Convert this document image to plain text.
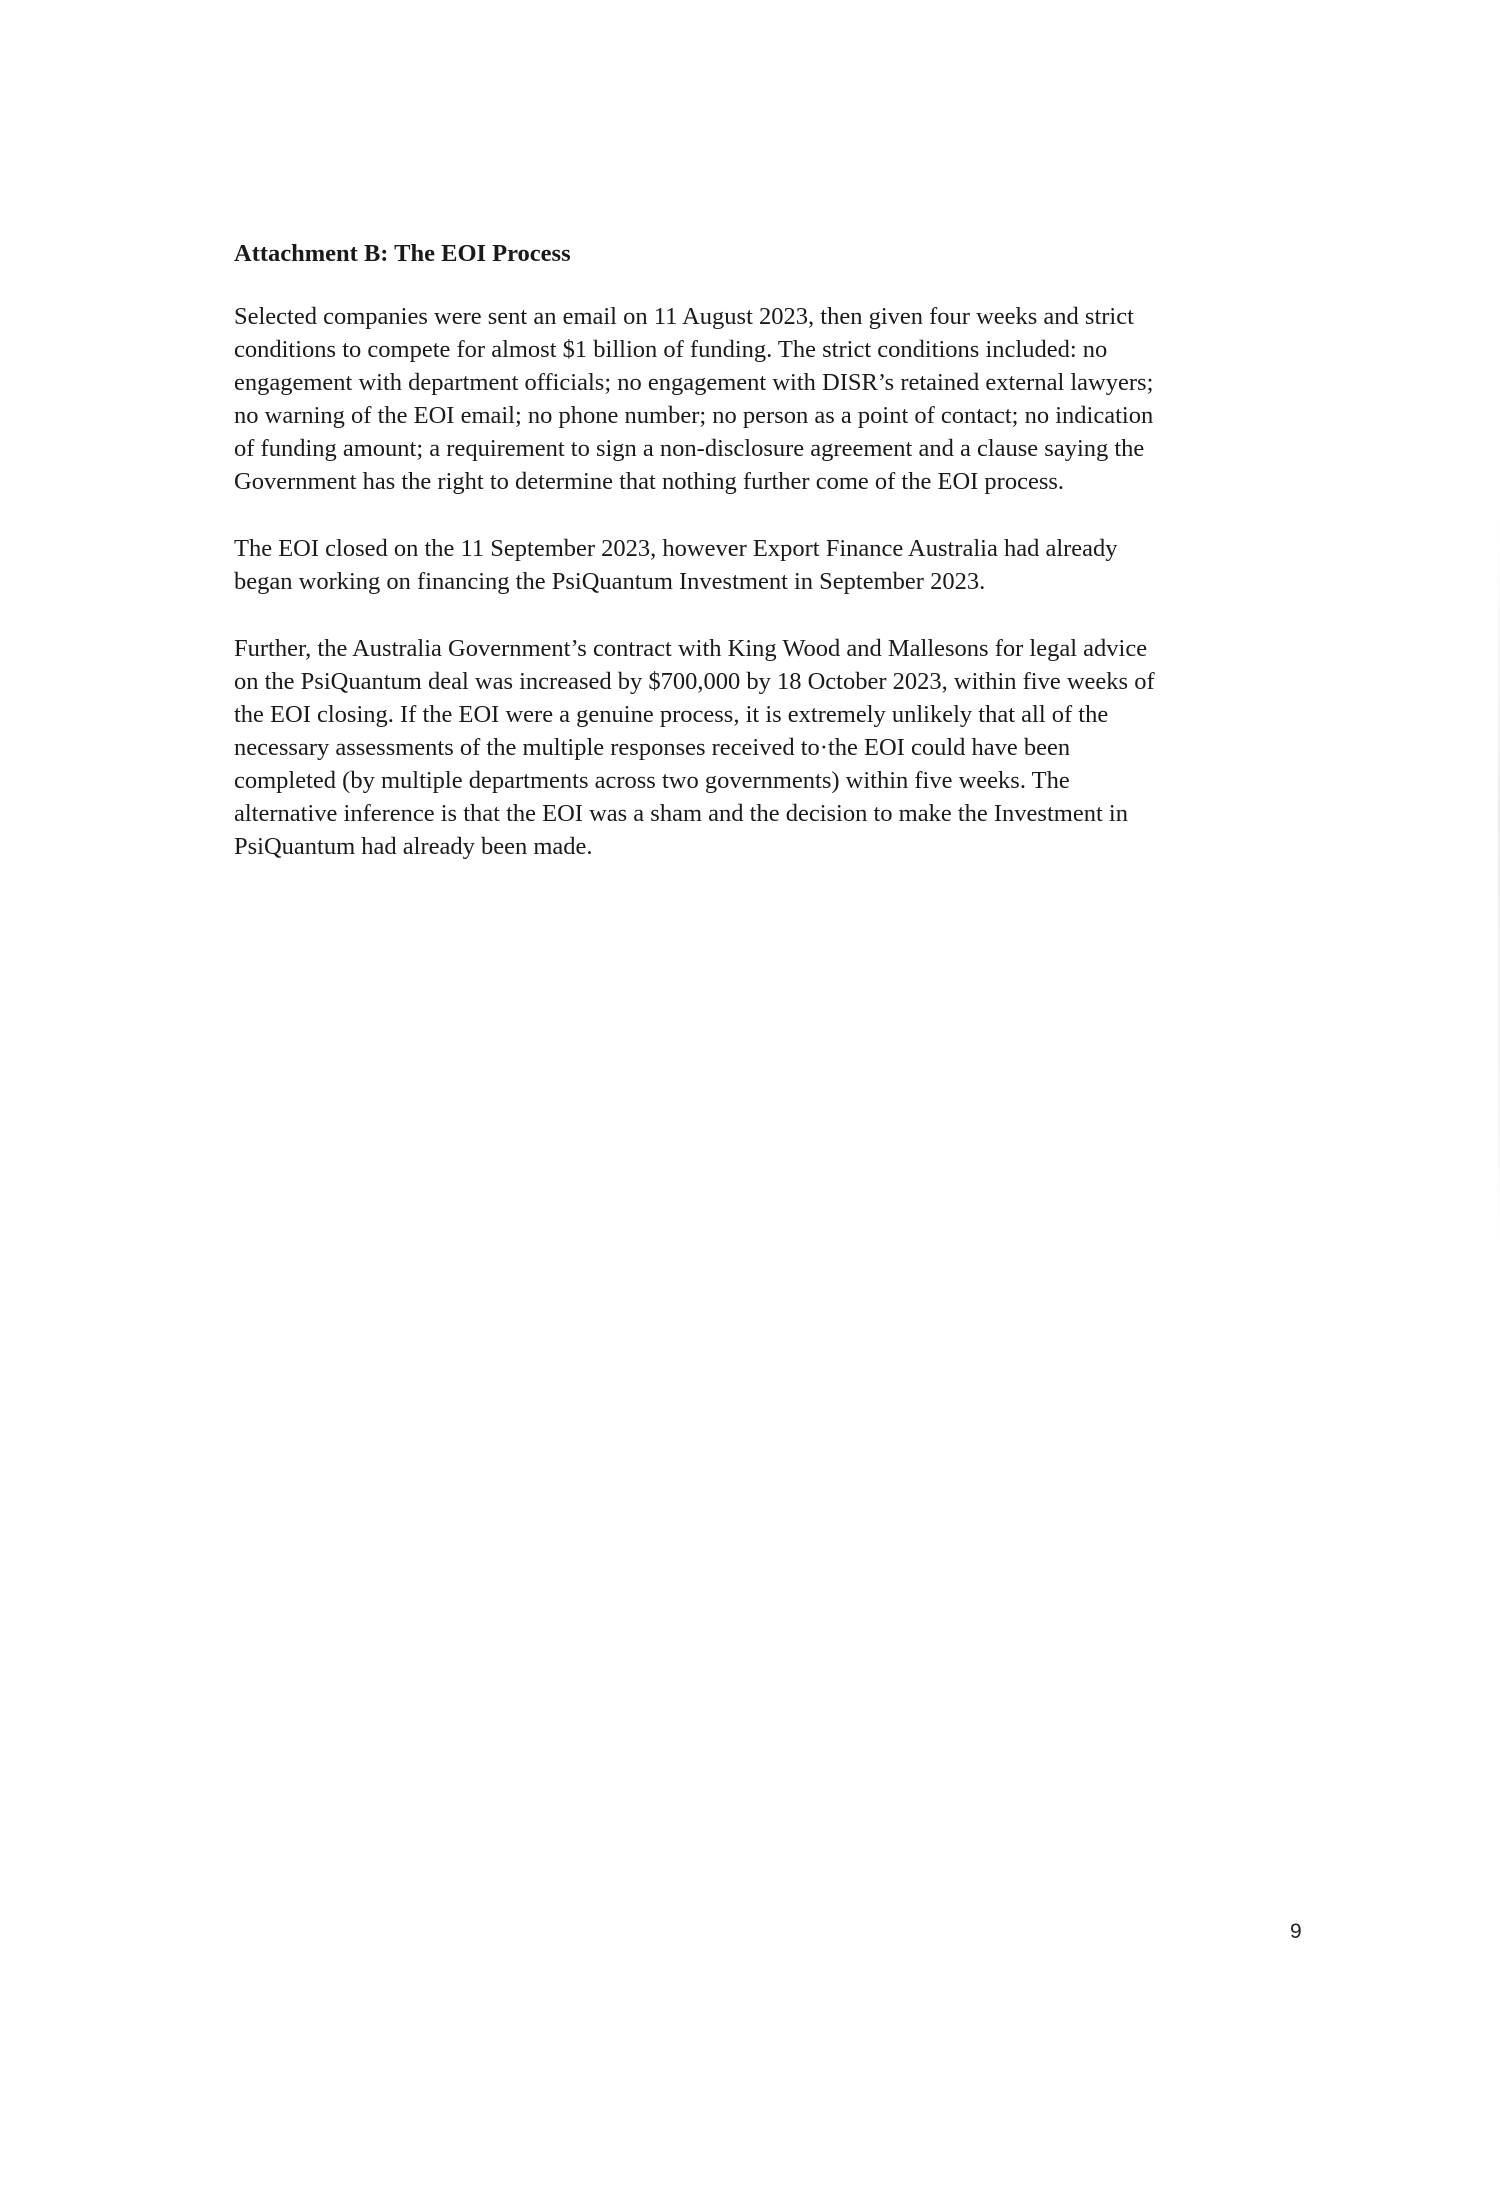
Attachment B: The EOI Process

Selected companies were sent an email on 11 August 2023, then given four weeks and strict
conditions to compete for almost $1 billion of funding. The strict conditions included: no
engagement with department officials; no engagement with DISR’s retained external lawyers;
no warning of the EOI email; no phone number; no person as a point of contact; no indication
of funding amount; a requirement to sign a non-disclosure agreement and a clause saying the
Government has the right to determine that nothing further come of the EOI process.

The EOI closed on the 11 September 2023, however Export Finance Australia had already
began working on financing the PsiQuantum Investment in September 2023.

Further, the Australia Government’s contract with King Wood and Mallesons for legal advice
on the PsiQuantum deal was increased by $700,000 by 18 October 2023, within five weeks of
the EOI closing. If the EOI were a genuine process, it is extremely unlikely that all of the
necessary assessments of the multiple responses received to·the EOI could have been
completed (by multiple departments across two governments) within five weeks. The
alternative inference is that the EOI was a sham and the decision to make the Investment in
PsiQuantum had already been made.

9
